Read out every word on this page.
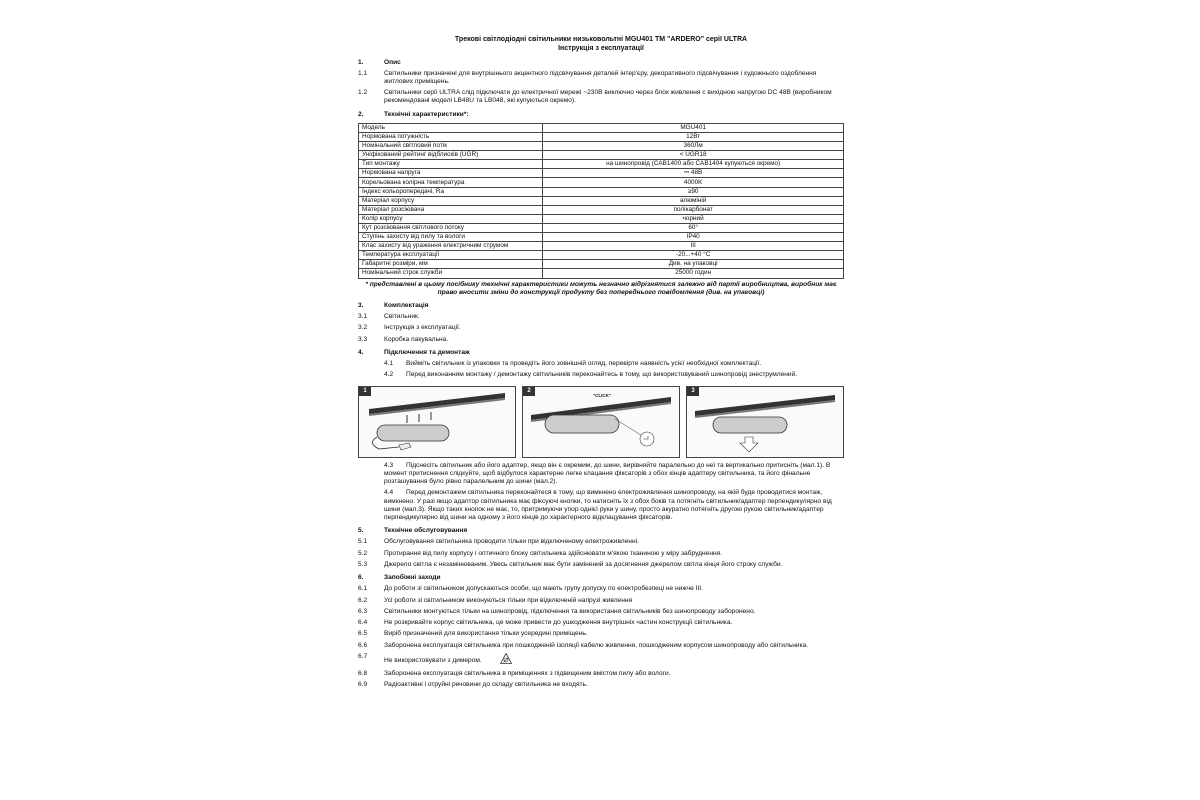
Трекові світлодіодні світильники низьковольтні MGU401 ТМ "ARDERO" серії ULTRA
Інструкція з експлуатації
1.	Опис
1.1	Світильники призначені для внутрішнього акцентного підсвічування деталей інтер'єру, декоративного підсвічування і художнього оздоблення житлових приміщень.
1.2	Світильники серії ULTRA слід підключати до електричної мережі ~230В виключно через блок живлення с вихідною напругою DC 48В (виробником рекомендовані моделі LB48U та LB048, які купуються окремо).
2.	Технічні характеристики*:
Модель	MGU401
Нормована потужність	12Вт
Номінальний світловий потік	360Лм
Уніфікований рейтинг відблисків (UGR)	< UGR18
Тип монтажу	на шинопровід (CAB1400 або CAB1404 купуються окремо)
Нормована напруга	⎓ 48В
Корельована колірна температура	4000K
Індекс кольоропередачі, Ra	≥90
Матеріал корпусу	алюміній
Матеріал розсіювача	полікарбонат
Колір корпусу	чорний
Кут розсіювання світлового потоку	60°
Ступінь захисту від пилу та вологи	IP40
Клас захисту від ураження електричним струмом	III
Температура експлуатації	-20...+40 °С
Габаритні розміри, мм	Див. на упаковці
Номінальний строк служби	25000 годин
* представлені в цьому посібнику технічні характеристики можуть незначно відрізнятися залежно від партії виробництва, виробник має право вносити зміни до конструкції продукту без попереднього повідомлення (див. на упаковці)
3.	Комплектація
3.1	Світильник.
3.2	Інструкція з експлуатації.
3.3	Коробка пакувальна.
4.	Підключення та демонтаж
4.1 Вийміть світильник із упаковки та проведіть його зовнішній огляд, перевірте наявність усієї необхідної комплектації.
4.2 Перед виконанням монтажу / демонтажу світильників переконайтесь в тому, що використовуваний шинопровід знеструмлений.
1	2
"CLICK"
3
4.3 Підснесіть світильник або його адаптер, якщо він є окремим, до шини, вирівняйте паралельно до неї та вертикально притисніть (мал.1). В момент притиснення слідкуйте, щоб відбулося характерне легке клацання фіксаторів з обох кінців адаптеру світильника, та його фінальне розташування було рівно паралельним до шини (мал.2).
4.4 Перед демонтажем світильника переконайтеся в тому, що вимкнено електроживлення шинопроводу, на якій буде проводитися монтаж, вимкнено. У разі якщо адаптор світильника має фіксуючі кнопки, то натисніть їх з обох боків та потягніть світильник/адаптер перпендикулярно від шини (мал.3). Якщо таких кнопок не має, то, притримуючи упор однієї руки у шину, просто акуратно потягніть другою рукою світильник/адаптер перпендикулярно від шини на одному з його кінців до характерного відклацування фіксаторів.
5.	Технічне обслуговування
5.1	Обслуговування світильника проводити тільки при відключеному електроживленні.
5.2	Протирання від пилу корпусу і оптичного блоку світильника здійснювати м'якою тканиною у міру забруднення.
5.3	Джерело світла є незамінюваним. Увесь світильник має бути замінений за досягнення джерелом світла кінця його строку служби.
6.	Запобіжні заходи
6.1	До роботи зі світильником допускаються особи, що мають групу допуску по електробезпеці не нижче III.
6.2	Усі роботи зі світильником виконуються тільки при відключеній напрузі живлення
6.3	Світильники монтуються тільки на шинопровід, підключення та використання світильників без шинопроводу заборонено.
6.4	Не розкривайте корпус світильника, це може привести до ушкодження внутрішніх частин конструкції світильника.
6.5	Виріб призначений для використання тільки усередині приміщень.
6.6	Заборонена експлуатація світильника при пошкодженій ізоляції кабелю живлення, пошкодженим корпусом шинопроводу або світильника.
6.7
Не використовувати з димером.
6.8	Заборонена експлуатація світильника в приміщеннях з підвищеним вмістом пилу або вологи.
6.9	Радіоактивні і отруйні речовини до складу світильника не входять.
